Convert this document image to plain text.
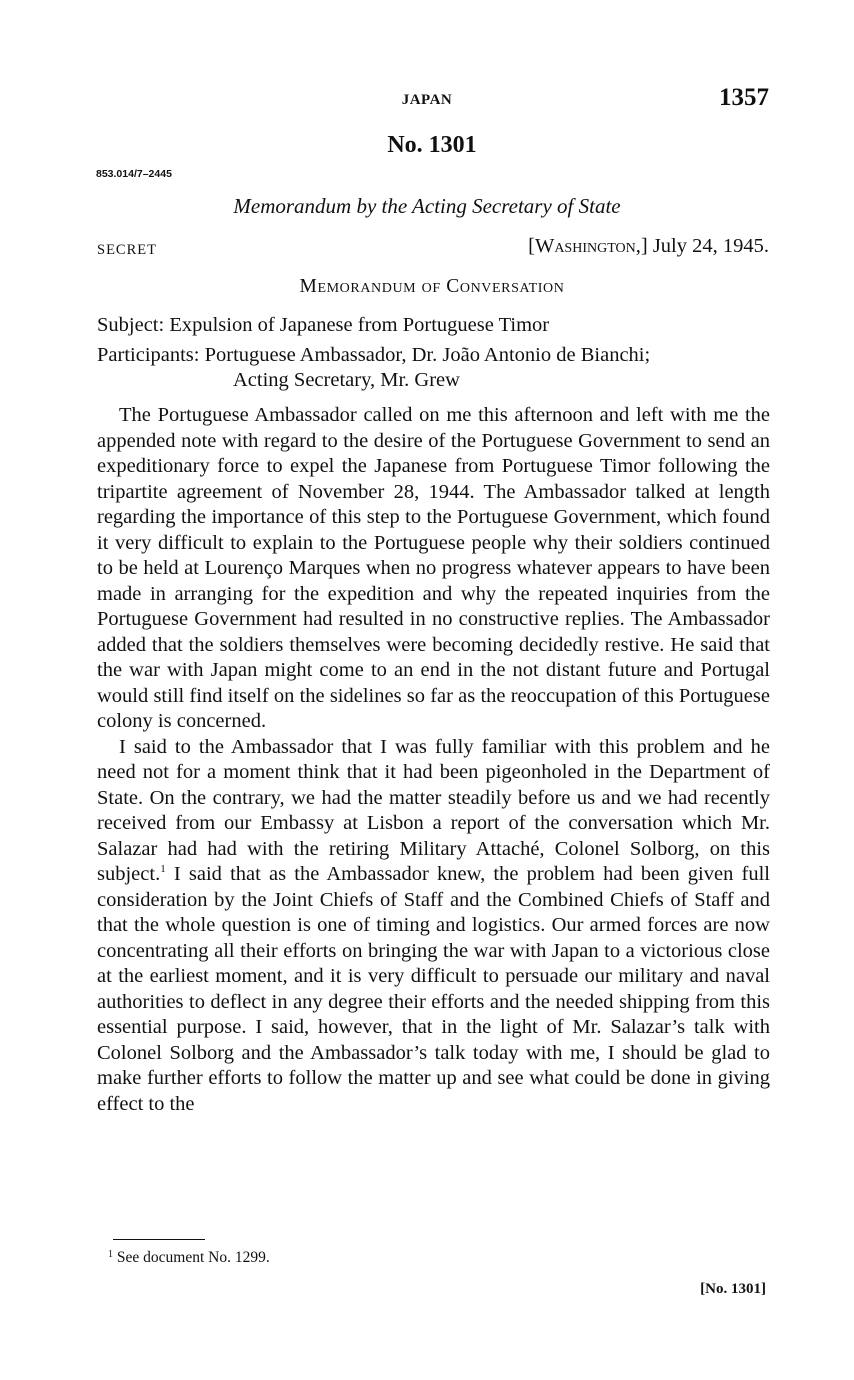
JAPAN	1357
No. 1301
853.014/7–2445
Memorandum by the Acting Secretary of State
SECRET	[Washington,] July 24, 1945.
Memorandum of Conversation
Subject: Expulsion of Japanese from Portuguese Timor
Participants: Portuguese Ambassador, Dr. João Antonio de Bianchi;
Acting Secretary, Mr. Grew

The Portuguese Ambassador called on me this afternoon and left with me the appended note with regard to the desire of the Portuguese Government to send an expeditionary force to expel the Japanese from Portuguese Timor following the tripartite agreement of November 28, 1944. The Ambassador talked at length regarding the importance of this step to the Portuguese Government, which found it very difficult to explain to the Portuguese people why their soldiers continued to be held at Lourenço Marques when no progress whatever appears to have been made in arranging for the expedition and why the repeated inquiries from the Portuguese Government had resulted in no constructive replies. The Ambassador added that the soldiers themselves were becoming decidedly restive. He said that the war with Japan might come to an end in the not distant future and Portugal would still find itself on the sidelines so far as the reoccupation of this Portuguese colony is concerned.

I said to the Ambassador that I was fully familiar with this problem and he need not for a moment think that it had been pigeonholed in the Department of State. On the contrary, we had the matter steadily before us and we had recently received from our Embassy at Lisbon a report of the conversation which Mr. Salazar had had with the retiring Military Attaché, Colonel Solborg, on this subject.$^1$ I said that as the Ambassador knew, the problem had been given full consideration by the Joint Chiefs of Staff and the Combined Chiefs of Staff and that the whole question is one of timing and logistics. Our armed forces are now concentrating all their efforts on bringing the war with Japan to a victorious close at the earliest moment, and it is very difficult to persuade our military and naval authorities to deflect in any degree their efforts and the needed shipping from this essential purpose. I said, however, that in the light of Mr. Salazar’s talk with Colonel Solborg and the Ambassador’s talk today with me, I should be glad to make further efforts to follow the matter up and see what could be done in giving effect to the

$^1$ See document No. 1299.
[No. 1301]
